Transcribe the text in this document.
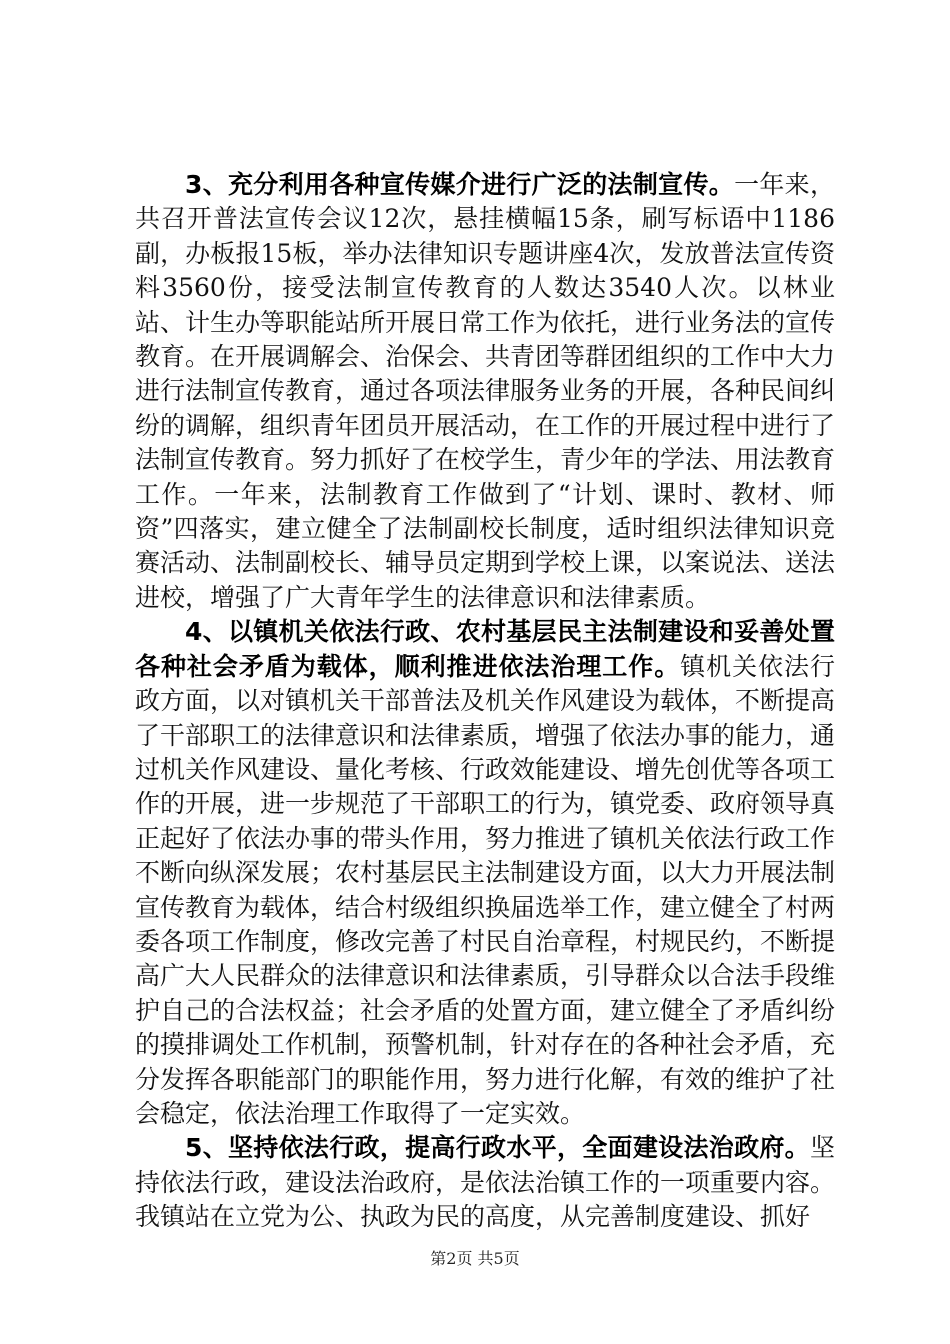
3、充分利用各种宣传媒介进行广泛的法制宣传。一年来，共召开普法宣传会议12次，悬挂横幅15条，刷写标语中1186副，办板报15板，举办法律知识专题讲座4次，发放普法宣传资料3560份，接受法制宣传教育的人数达3540人次。以林业站、计生办等职能站所开展日常工作为依托，进行业务法的宣传教育。在开展调解会、治保会、共青团等群团组织的工作中大力进行法制宣传教育，通过各项法律服务业务的开展，各种民间纠纷的调解，组织青年团员开展活动，在工作的开展过程中进行了法制宣传教育。努力抓好了在校学生，青少年的学法、用法教育工作。一年来，法制教育工作做到了“计划、课时、教材、师资”四落实，建立健全了法制副校长制度，适时组织法律知识竞赛活动、法制副校长、辅导员定期到学校上课，以案说法、送法进校，增强了广大青年学生的法律意识和法律素质。

4、以镇机关依法行政、农村基层民主法制建设和妥善处置各种社会矛盾为载体，顺利推进依法治理工作。镇机关依法行政方面，以对镇机关干部普法及机关作风建设为载体，不断提高了干部职工的法律意识和法律素质，增强了依法办事的能力，通过机关作风建设、量化考核、行政效能建设、增先创优等各项工作的开展，进一步规范了干部职工的行为，镇党委、政府领导真正起好了依法办事的带头作用，努力推进了镇机关依法行政工作不断向纵深发展；农村基层民主法制建设方面，以大力开展法制宣传教育为载体，结合村级组织换届选举工作，建立健全了村两委各项工作制度，修改完善了村民自治章程，村规民约，不断提高广大人民群众的法律意识和法律素质，引导群众以合法手段维护自己的合法权益；社会矛盾的处置方面，建立健全了矛盾纠纷的摸排调处工作机制，预警机制，针对存在的各种社会矛盾，充分发挥各职能部门的职能作用，努力进行化解，有效的维护了社会稳定，依法治理工作取得了一定实效。

5、坚持依法行政，提高行政水平，全面建设法治政府。坚持依法行政，建设法治政府，是依法治镇工作的一项重要内容。我镇站在立党为公、执政为民的高度，从完善制度建设、抓好

第2页 共5页
